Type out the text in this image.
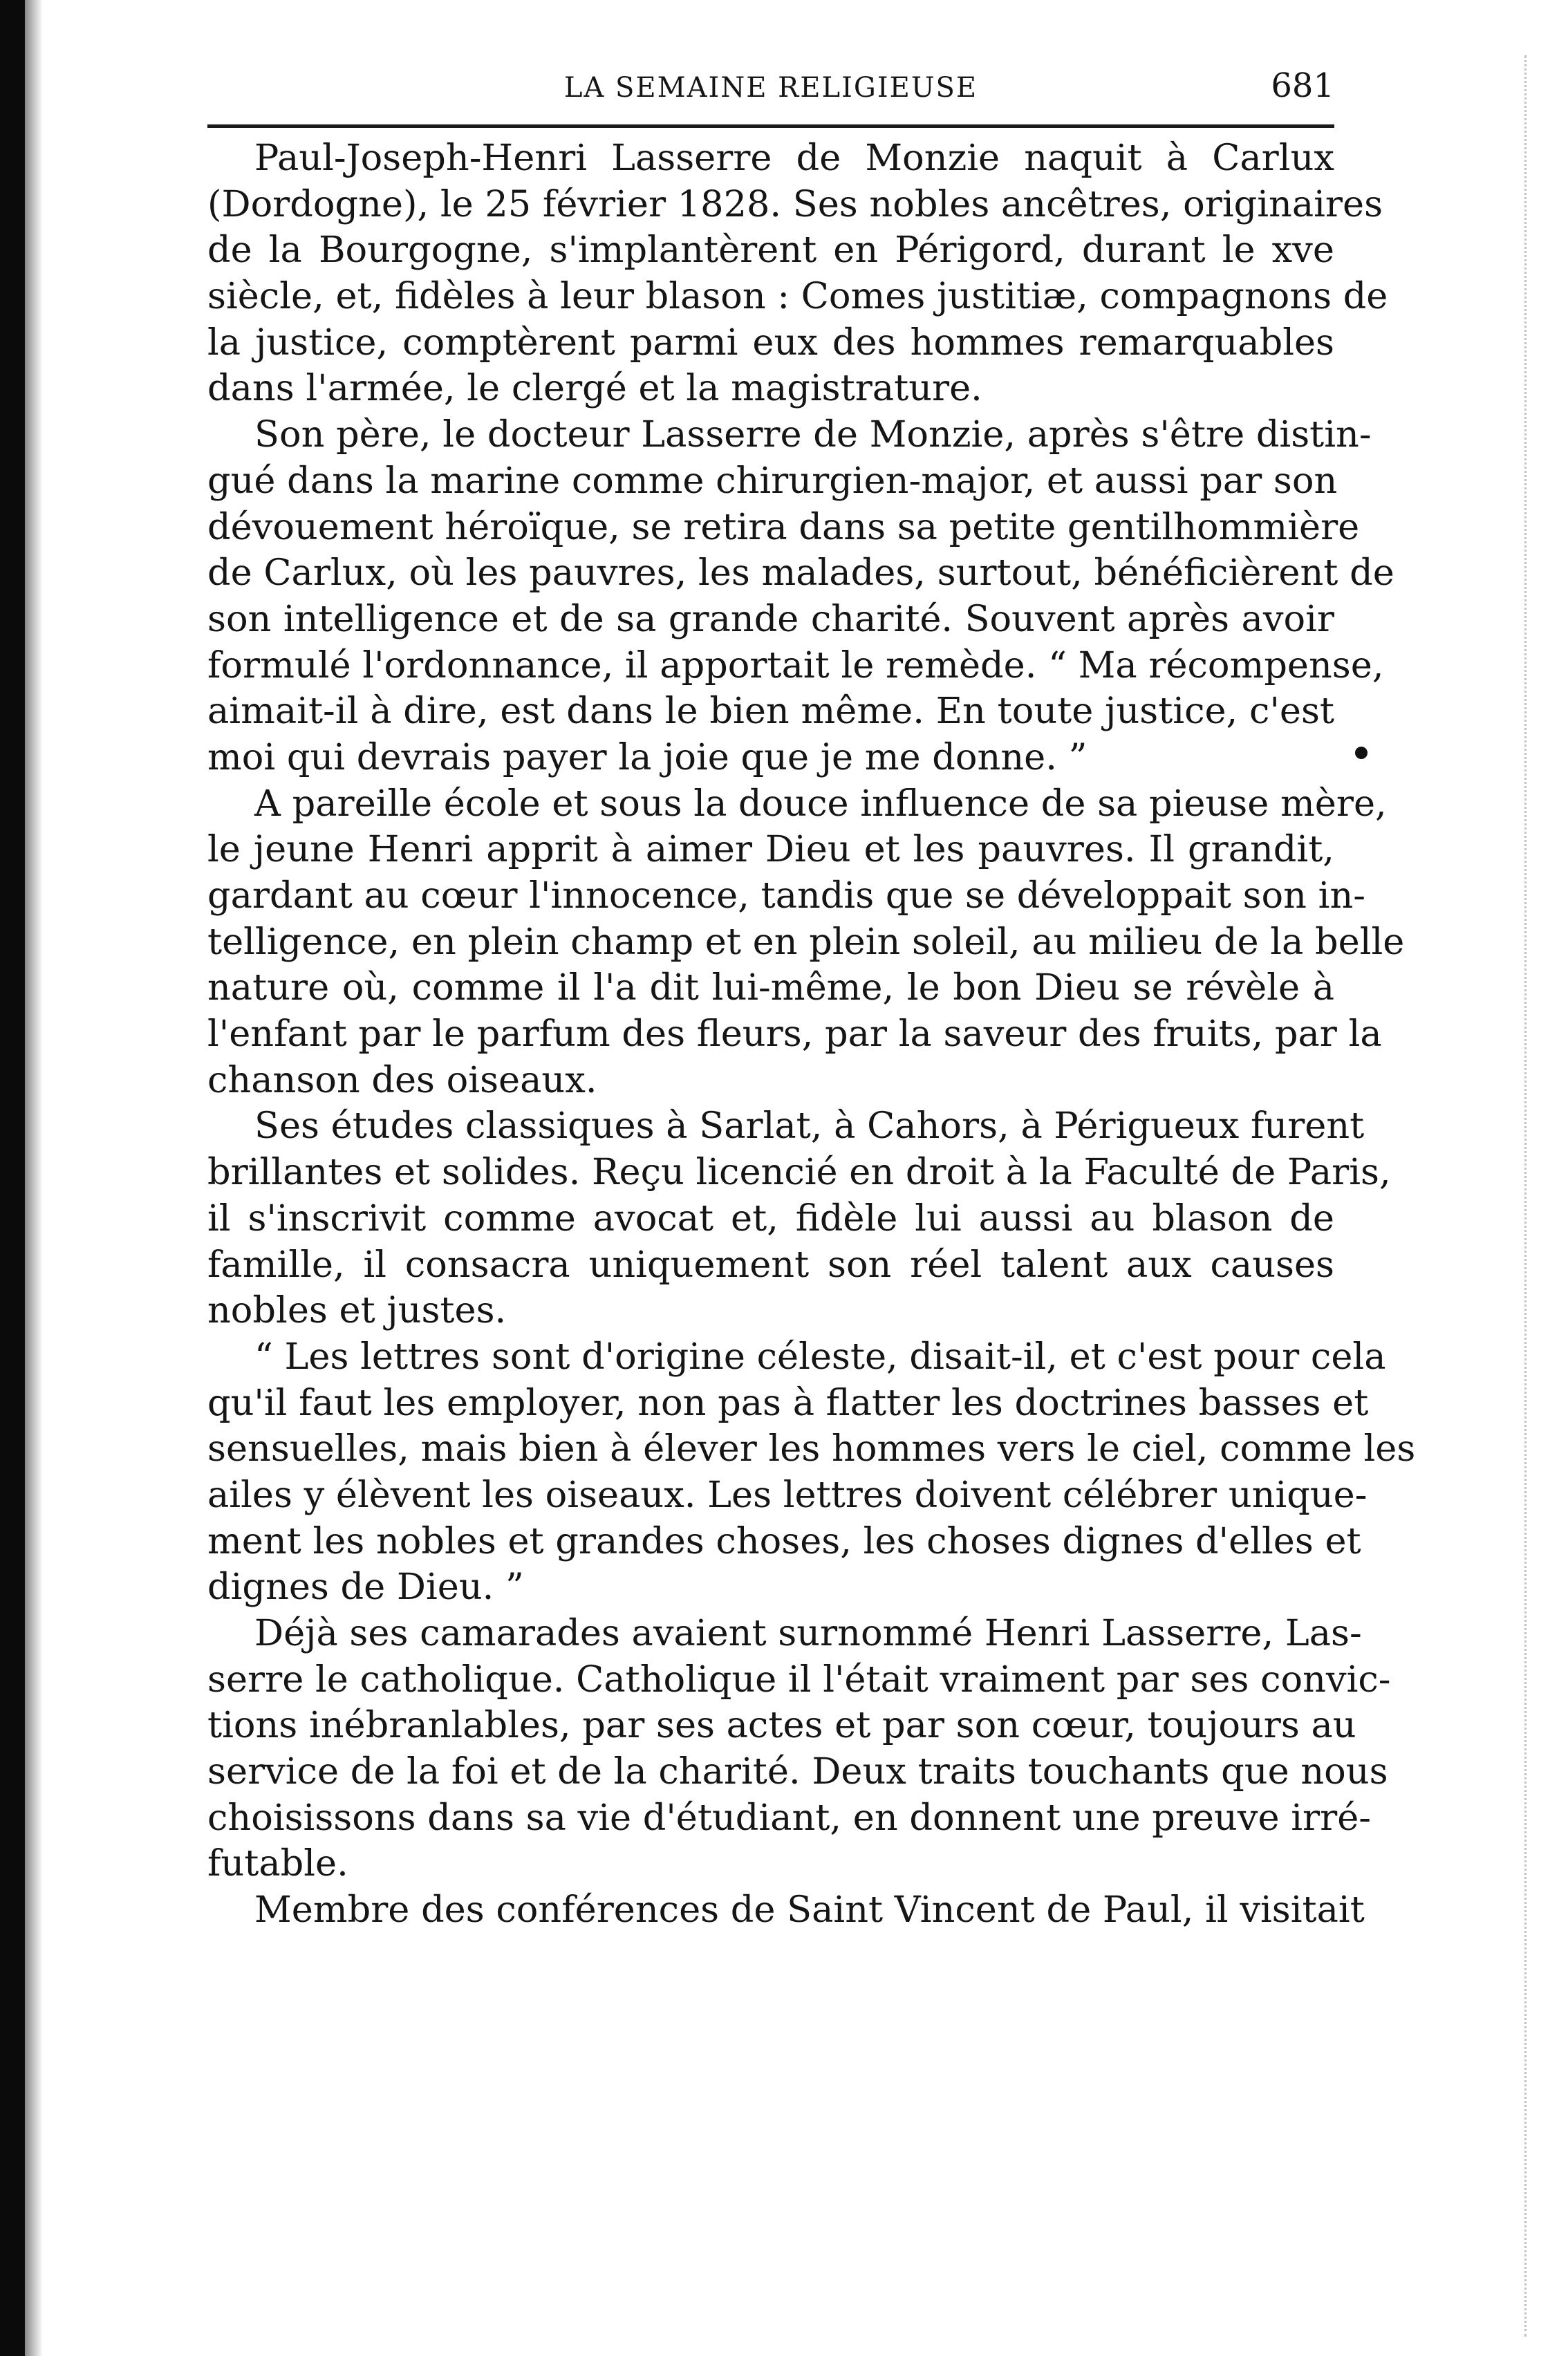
LA SEMAINE RELIGIEUSE	681
Paul-Joseph-Henri Lasserre de Monzie naquit à Carlux
(Dordogne), le 25 février 1828. Ses nobles ancêtres, originaires
de la Bourgogne, s'implantèrent en Périgord, durant le xve
siècle, et, fidèles à leur blason : Comes justitiæ, compagnons de
la justice, comptèrent parmi eux des hommes remarquables
dans l'armée, le clergé et la magistrature.
Son père, le docteur Lasserre de Monzie, après s'être distin-
gué dans la marine comme chirurgien-major, et aussi par son
dévouement héroïque, se retira dans sa petite gentilhommière
de Carlux, où les pauvres, les malades, surtout, bénéficièrent de
son intelligence et de sa grande charité. Souvent après avoir
formulé l'ordonnance, il apportait le remède. “ Ma récompense,
aimait-il à dire, est dans le bien même. En toute justice, c'est
moi qui devrais payer la joie que je me donne. ”
A pareille école et sous la douce influence de sa pieuse mère,
le jeune Henri apprit à aimer Dieu et les pauvres. Il grandit,
gardant au cœur l'innocence, tandis que se développait son in-
telligence, en plein champ et en plein soleil, au milieu de la belle
nature où, comme il l'a dit lui-même, le bon Dieu se révèle à
l'enfant par le parfum des fleurs, par la saveur des fruits, par la
chanson des oiseaux.
Ses études classiques à Sarlat, à Cahors, à Périgueux furent
brillantes et solides. Reçu licencié en droit à la Faculté de Paris,
il s'inscrivit comme avocat et, fidèle lui aussi au blason de
famille, il consacra uniquement son réel talent aux causes
nobles et justes.
“ Les lettres sont d'origine céleste, disait-il, et c'est pour cela
qu'il faut les employer, non pas à flatter les doctrines basses et
sensuelles, mais bien à élever les hommes vers le ciel, comme les
ailes y élèvent les oiseaux. Les lettres doivent célébrer unique-
ment les nobles et grandes choses, les choses dignes d'elles et
dignes de Dieu. ”
Déjà ses camarades avaient surnommé Henri Lasserre, Las-
serre le catholique. Catholique il l'était vraiment par ses convic-
tions inébranlables, par ses actes et par son cœur, toujours au
service de la foi et de la charité. Deux traits touchants que nous
choisissons dans sa vie d'étudiant, en donnent une preuve irré-
futable.
Membre des conférences de Saint Vincent de Paul, il visitait
